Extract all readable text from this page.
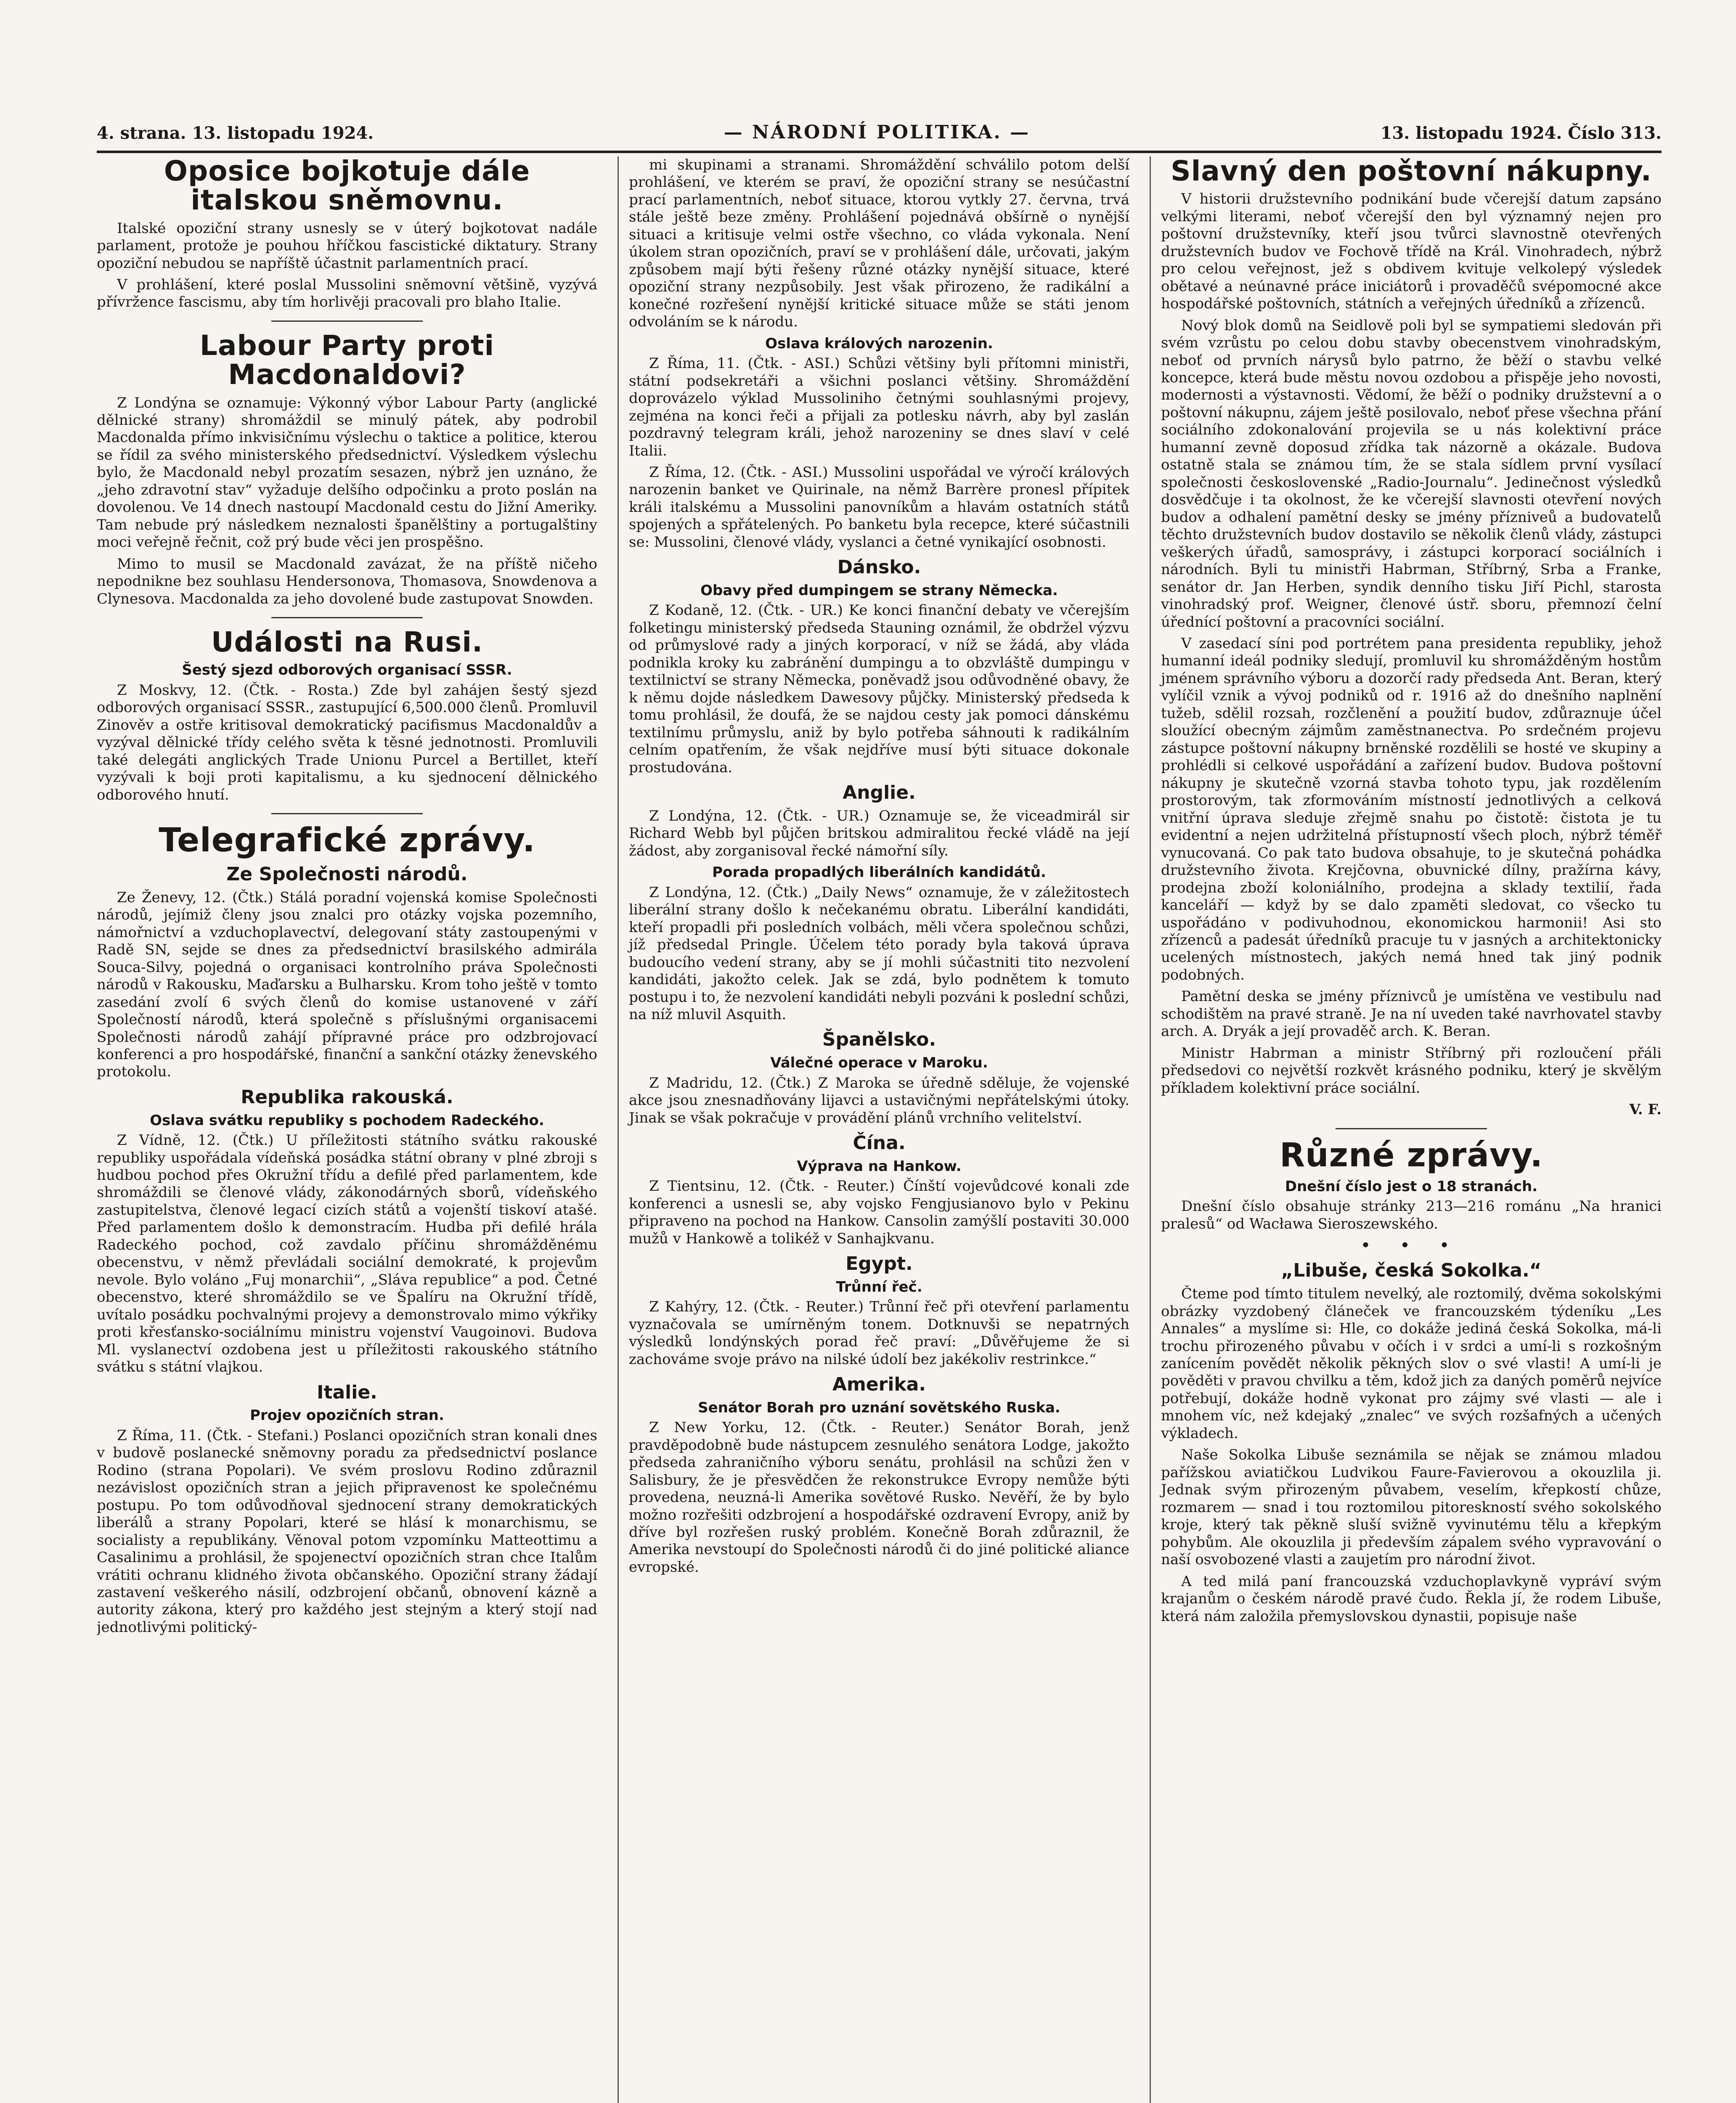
4. strana. 13. listopadu 1924.	— NÁRODNÍ POLITIKA. —	13. listopadu 1924. Číslo 313.
Oposice bojkotuje dále italskou sněmovnu.

Italské opoziční strany usnesly se v úterý bojkotovat nadále parlament, protože je pouhou hříčkou fascistické diktatury. Strany opoziční nebudou se napříště účastnit parlamentních prací.

V prohlášení, které poslal Mussolini sněmovní většině, vyzývá přívržence fascismu, aby tím horlivěji pracovali pro blaho Italie.

Labour Party proti Macdonaldovi?

Z Londýna se oznamuje: Výkonný výbor Labour Party (anglické dělnické strany) shromáždil se minulý pátek, aby podrobil Macdonalda přímo inkvisičnímu výslechu o taktice a politice, kterou se řídil za svého ministerského předsednictví. Výsledkem výslechu bylo, že Macdonald nebyl prozatím sesazen, nýbrž jen uznáno, že „jeho zdravotní stav“ vyžaduje delšího odpočinku a proto poslán na dovolenou. Ve 14 dnech nastoupí Macdonald cestu do Jižní Ameriky. Tam nebude prý následkem neznalosti španělštiny a portugalštiny moci veřejně řečnit, což prý bude věci jen prospěšno.

Mimo to musil se Macdonald zavázat, že na příště ničeho nepodnikne bez souhlasu Hendersonova, Thomasova, Snowdenova a Clynesova. Macdonalda za jeho dovolené bude zastupovat Snowden.

Události na Rusi.
Šestý sjezd odborových organisací SSSR.

Z Moskvy, 12. (Čtk. - Rosta.) Zde byl zahájen šestý sjezd odborových organisací SSSR., zastupující 6,500.000 členů. Promluvil Zinověv a ostře kritisoval demokratický pacifismus Macdonaldův a vyzýval dělnické třídy celého světa k těsné jednotnosti. Promluvili také delegáti anglických Trade Unionu Purcel a Bertillet, kteří vyzývali k boji proti kapitalismu, a ku sjednocení dělnického odborového hnutí.

Telegrafické zprávy.
Ze Společnosti národů.

Ze Ženevy, 12. (Čtk.) Stálá poradní vojenská komise Společnosti národů, jejímiž členy jsou znalci pro otázky vojska pozemního, námořnictví a vzduchoplavectví, delegovaní státy zastoupenými v Radě SN, sejde se dnes za předsednictví brasilského admirála Souca-Silvy, pojedná o organisaci kontrolního práva Společnosti národů v Rakousku, Maďarsku a Bulharsku. Krom toho ještě v tomto zasedání zvolí 6 svých členů do komise ustanovené v září Společností národů, která společně s příslušnými organisacemi Společnosti národů zahájí přípravné práce pro odzbrojovací konferenci a pro hospodářské, finanční a sankční otázky ženevského protokolu.

Republika rakouská.
Oslava svátku republiky s pochodem Radeckého.

Z Vídně, 12. (Čtk.) U příležitosti státního svátku rakouské republiky uspořádala vídeňská posádka státní obrany v plné zbroji s hudbou pochod přes Okružní třídu a defilé před parlamentem, kde shromáždili se členové vlády, zákonodárných sborů, vídeňského zastupitelstva, členové legací cizích států a vojenští tiskoví atašé. Před parlamentem došlo k demonstracím. Hudba při defilé hrála Radeckého pochod, což zavdalo příčinu shromážděnému obecenstvu, v němž převládali sociální demokraté, k projevům nevole. Bylo voláno „Fuj monarchii“, „Sláva republice“ a pod. Četné obecenstvo, které shromáždilo se ve Špalíru na Okružní třídě, uvítalo posádku pochvalnými projevy a demonstrovalo mimo výkřiky proti křesťansko-sociálnímu ministru vojenství Vaugoinovi. Budova Ml. vyslanectví ozdobena jest u příležitosti rakouského státního svátku s státní vlajkou.

Italie.
Projev opozičních stran.

Z Říma, 11. (Čtk. - Stefani.) Poslanci opozičních stran konali dnes v budově poslanecké sněmovny poradu za předsednictví poslance Rodino (strana Popolari). Ve svém proslovu Rodino zdůraznil nezávislost opozičních stran a jejich připravenost ke společnému postupu. Po tom odůvodňoval sjednocení strany demokratických liberálů a strany Popolari, které se hlásí k monarchismu, se socialisty a republikány. Věnoval potom vzpomínku Matteottimu a Casalinimu a prohlásil, že spojenectví opozičních stran chce Italům vrátiti ochranu klidného života občanského. Opoziční strany žádají zastavení veškerého násilí, odzbrojení občanů, obnovení kázně a autority zákona, který pro každého jest stejným a který stojí nad jednotlivými politický-

mi skupinami a stranami. Shromáždění schválilo potom delší prohlášení, ve kterém se praví, že opoziční strany se nesúčastní prací parlamentních, neboť situace, ktorou vytkly 27. června, trvá stále ještě beze změny. Prohlášení pojednává obšírně o nynější situaci a kritisuje velmi ostře všechno, co vláda vykonala. Není úkolem stran opozičních, praví se v prohlášení dále, určovati, jakým způsobem mají býti řešeny různé otázky nynější situace, které opoziční strany nezpůsobily. Jest však přirozeno, že radikální a konečné rozřešení nynější kritické situace může se státi jenom odvoláním se k národu.

Oslava králových narozenin.

Z Říma, 11. (Čtk. - ASI.) Schůzi většiny byli přítomni ministři, státní podsekretáři a všichni poslanci většiny. Shromáždění doprovázelo výklad Mussoliniho četnými souhlasnými projevy, zejména na konci řeči a přijali za potlesku návrh, aby byl zaslán pozdravný telegram králi, jehož narozeniny se dnes slaví v celé Italii.

Z Říma, 12. (Čtk. - ASI.) Mussolini uspořádal ve výročí králových narozenin banket ve Quirinale, na němž Barrère pronesl přípitek králi italskému a Mussolini panovníkům a hlavám ostatních států spojených a spřátelených. Po banketu byla recepce, které súčastnili se: Mussolini, členové vlády, vyslanci a četné vynikající osobnosti.

Dánsko.
Obavy před dumpingem se strany Německa.

Z Kodaně, 12. (Čtk. - UR.) Ke konci finanční debaty ve včerejším folketingu ministerský předseda Stauning oznámil, že obdržel výzvu od průmyslové rady a jiných korporací, v níž se žádá, aby vláda podnikla kroky ku zabránění dumpingu a to obzvláště dumpingu v textilnictví se strany Německa, poněvadž jsou odůvodněné obavy, že k němu dojde následkem Dawesovy půjčky. Ministerský předseda k tomu prohlásil, že doufá, že se najdou cesty jak pomoci dánskému textilnímu průmyslu, aniž by bylo potřeba sáhnouti k radikálním celním opatřením, že však nejdříve musí býti situace dokonale prostudována.

Anglie.

Z Londýna, 12. (Čtk. - UR.) Oznamuje se, že viceadmirál sir Richard Webb byl půjčen britskou admiralitou řecké vládě na její žádost, aby zorganisoval řecké námořní síly.

Porada propadlých liberálních kandidátů.

Z Londýna, 12. (Čtk.) „Daily News“ oznamuje, že v záležitostech liberální strany došlo k nečekanému obratu. Liberální kandidáti, kteří propadli při posledních volbách, měli včera společnou schůzi, jíž předsedal Pringle. Účelem této porady byla taková úprava budoucího vedení strany, aby se jí mohli súčastniti tito nezvolení kandidáti, jakožto celek. Jak se zdá, bylo podnětem k tomuto postupu i to, že nezvolení kandidáti nebyli pozváni k poslední schůzi, na níž mluvil Asquith.

Španělsko.
Válečné operace v Maroku.

Z Madridu, 12. (Čtk.) Z Maroka se úředně sděluje, že vojenské akce jsou znesnadňovány lijavci a ustavičnými nepřátelskými útoky. Jinak se však pokračuje v provádění plánů vrchního velitelství.

Čína.
Výprava na Hankow.

Z Tientsinu, 12. (Čtk. - Reuter.) Čínští vojevůdcové konali zde konferenci a usnesli se, aby vojsko Fengjusianovo bylo v Pekinu připraveno na pochod na Hankow. Cansolin zamýšlí postaviti 30.000 mužů v Hankowě a tolikéž v Sanhajkvanu.

Egypt.
Trůnní řeč.

Z Kahýry, 12. (Čtk. - Reuter.) Trůnní řeč při otevření parlamentu vyznačovala se umírněným tonem. Dotknuvši se nepatrných výsledků londýnských porad řeč praví: „Důvěřujeme že si zachováme svoje právo na nilské údolí bez jakékoliv restrinkce.“

Amerika.
Senátor Borah pro uznání sovětského Ruska.

Z New Yorku, 12. (Čtk. - Reuter.) Senátor Borah, jenž pravděpodobně bude nástupcem zesnulého senátora Lodge, jakožto předseda zahraničního výboru senátu, prohlásil na schůzi žen v Salisbury, že je přesvědčen že rekonstrukce Evropy nemůže býti provedena, neuzná-li Amerika sovětové Rusko. Nevěří, že by bylo možno rozřešiti odzbrojení a hospodářské ozdravení Evropy, aniž by dříve byl rozřešen ruský problém. Konečně Borah zdůraznil, že Amerika nevstoupí do Společnosti národů či do jiné politické aliance evropské.

Slavný den poštovní nákupny.

V historii družstevního podnikání bude včerejší datum zapsáno velkými literami, neboť včerejší den byl významný nejen pro poštovní družstevníky, kteří jsou tvůrci slavnostně otevřených družstevních budov ve Fochově třídě na Král. Vinohradech, nýbrž pro celou veřejnost, jež s obdivem kvituje velkolepý výsledek obětavé a neúnavné práce iniciátorů i provaděčů svépomocné akce hospodářské poštovních, státních a veřejných úředníků a zřízenců.

Nový blok domů na Seidlově poli byl se sympatiemi sledován při svém vzrůstu po celou dobu stavby obecenstvem vinohradským, neboť od prvních nárysů bylo patrno, že běží o stavbu velké koncepce, která bude městu novou ozdobou a přispěje jeho novosti, modernosti a výstavnosti. Vědomí, že běží o podniky družstevní a o poštovní nákupnu, zájem ještě posilovalo, neboť přese všechna přání sociálního zdokonalování projevila se u nás kolektivní práce humanní zevně doposud zřídka tak názorně a okázale. Budova ostatně stala se známou tím, že se stala sídlem první vysílací společnosti československé „Radio-Journalu“. Jedinečnost výsledků dosvědčuje i ta okolnost, že ke včerejší slavnosti otevření nových budov a odhalení pamětní desky se jmény přízniveů a budovatelů těchto družstevních budov dostavilo se několik členů vlády, zástupci veškerých úřadů, samosprávy, i zástupci korporací sociálních i národních. Byli tu ministři Habrman, Stříbrný, Srba a Franke, senátor dr. Jan Herben, syndik denního tisku Jiří Pichl, starosta vinohradský prof. Weigner, členové ústř. sboru, přemnozí čelní úřednící poštovní a pracovníci sociální.

V zasedací síni pod portrétem pana presidenta republiky, jehož humanní ideál podniky sledují, promluvil ku shromážděným hostům jménem správního výboru a dozorčí rady předseda Ant. Beran, který vylíčil vznik a vývoj podniků od r. 1916 až do dnešního naplnění tužeb, sdělil rozsah, rozčlenění a použití budov, zdůraznuje účel sloužící obecným zájmům zaměstnanectva. Po srdečném projevu zástupce poštovní nákupny brněnské rozdělili se hosté ve skupiny a prohlédli si celkové uspořádání a zařízení budov. Budova poštovní nákupny je skutečně vzorná stavba tohoto typu, jak rozdělením prostorovým, tak zformováním místností jednotlivých a celková vnitřní úprava sleduje zřejmě snahu po čistotě: čistota je tu evidentní a nejen udržitelná přístupností všech ploch, nýbrž téměř vynucovaná. Co pak tato budova obsahuje, to je skutečná pohádka družstevního života. Krejčovna, obuvnické dílny, pražírna kávy, prodejna zboží koloniálního, prodejna a sklady textilií, řada kanceláří — když by se dalo zpaměti sledovat, co všecko tu uspořádáno v podivuhodnou, ekonomickou harmonii! Asi sto zřízenců a padesát úředníků pracuje tu v jasných a architektonicky ucelených místnostech, jakých nemá hned tak jiný podnik podobných.

Pamětní deska se jmény příznivců je umístěna ve vestibulu nad schodištěm na pravé straně. Je na ní uveden také navrhovatel stavby arch. A. Dryák a její provaděč arch. K. Beran.

Ministr Habrman a ministr Stříbrný při rozloučení přáli předsedovi co největší rozkvět krásného podniku, který je skvělým příkladem kolektivní práce sociální.

V. F.
Různé zprávy.
Dnešní číslo jest o 18 stranách.

Dnešní číslo obsahuje stránky 213—216 románu „Na hranici pralesů“ od Wacława Sieroszewského.

• • •
„Libuše, česká Sokolka.“

Čteme pod tímto titulem nevelký, ale roztomilý, dvěma sokolskými obrázky vyzdobený článeček ve francouzském týdeníku „Les Annales“ a myslíme si: Hle, co dokáže jediná česká Sokolka, má-li trochu přirozeného půvabu v očích i v srdci a umí-li s rozkošným zanícením povědět několik pěkných slov o své vlasti! A umí-li je pověděti v pravou chvilku a těm, kdož jich za daných poměrů nejvíce potřebují, dokáže hodně vykonat pro zájmy své vlasti — ale i mnohem víc, než kdejaký „znalec“ ve svých rozšafných a učených výkladech.

Naše Sokolka Libuše seznámila se nějak se známou mladou pařížskou aviatičkou Ludvikou Faure-Favierovou a okouzlila ji. Jednak svým přirozeným půvabem, veselím, křepkostí chůze, rozmarem — snad i tou roztomilou pitoreskností svého sokolského kroje, který tak pěkně sluší svižně vyvinutému tělu a křepkým pohybům. Ale okouzlila ji především zápalem svého vypravování o naší osvobozené vlasti a zaujetím pro národní život.

A ted milá paní francouzská vzduchoplavkyně vypráví svým krajanům o českém národě pravé čudo. Řekla jí, že rodem Libuše, která nám založila přemyslovskou dynastii, popisuje naše
